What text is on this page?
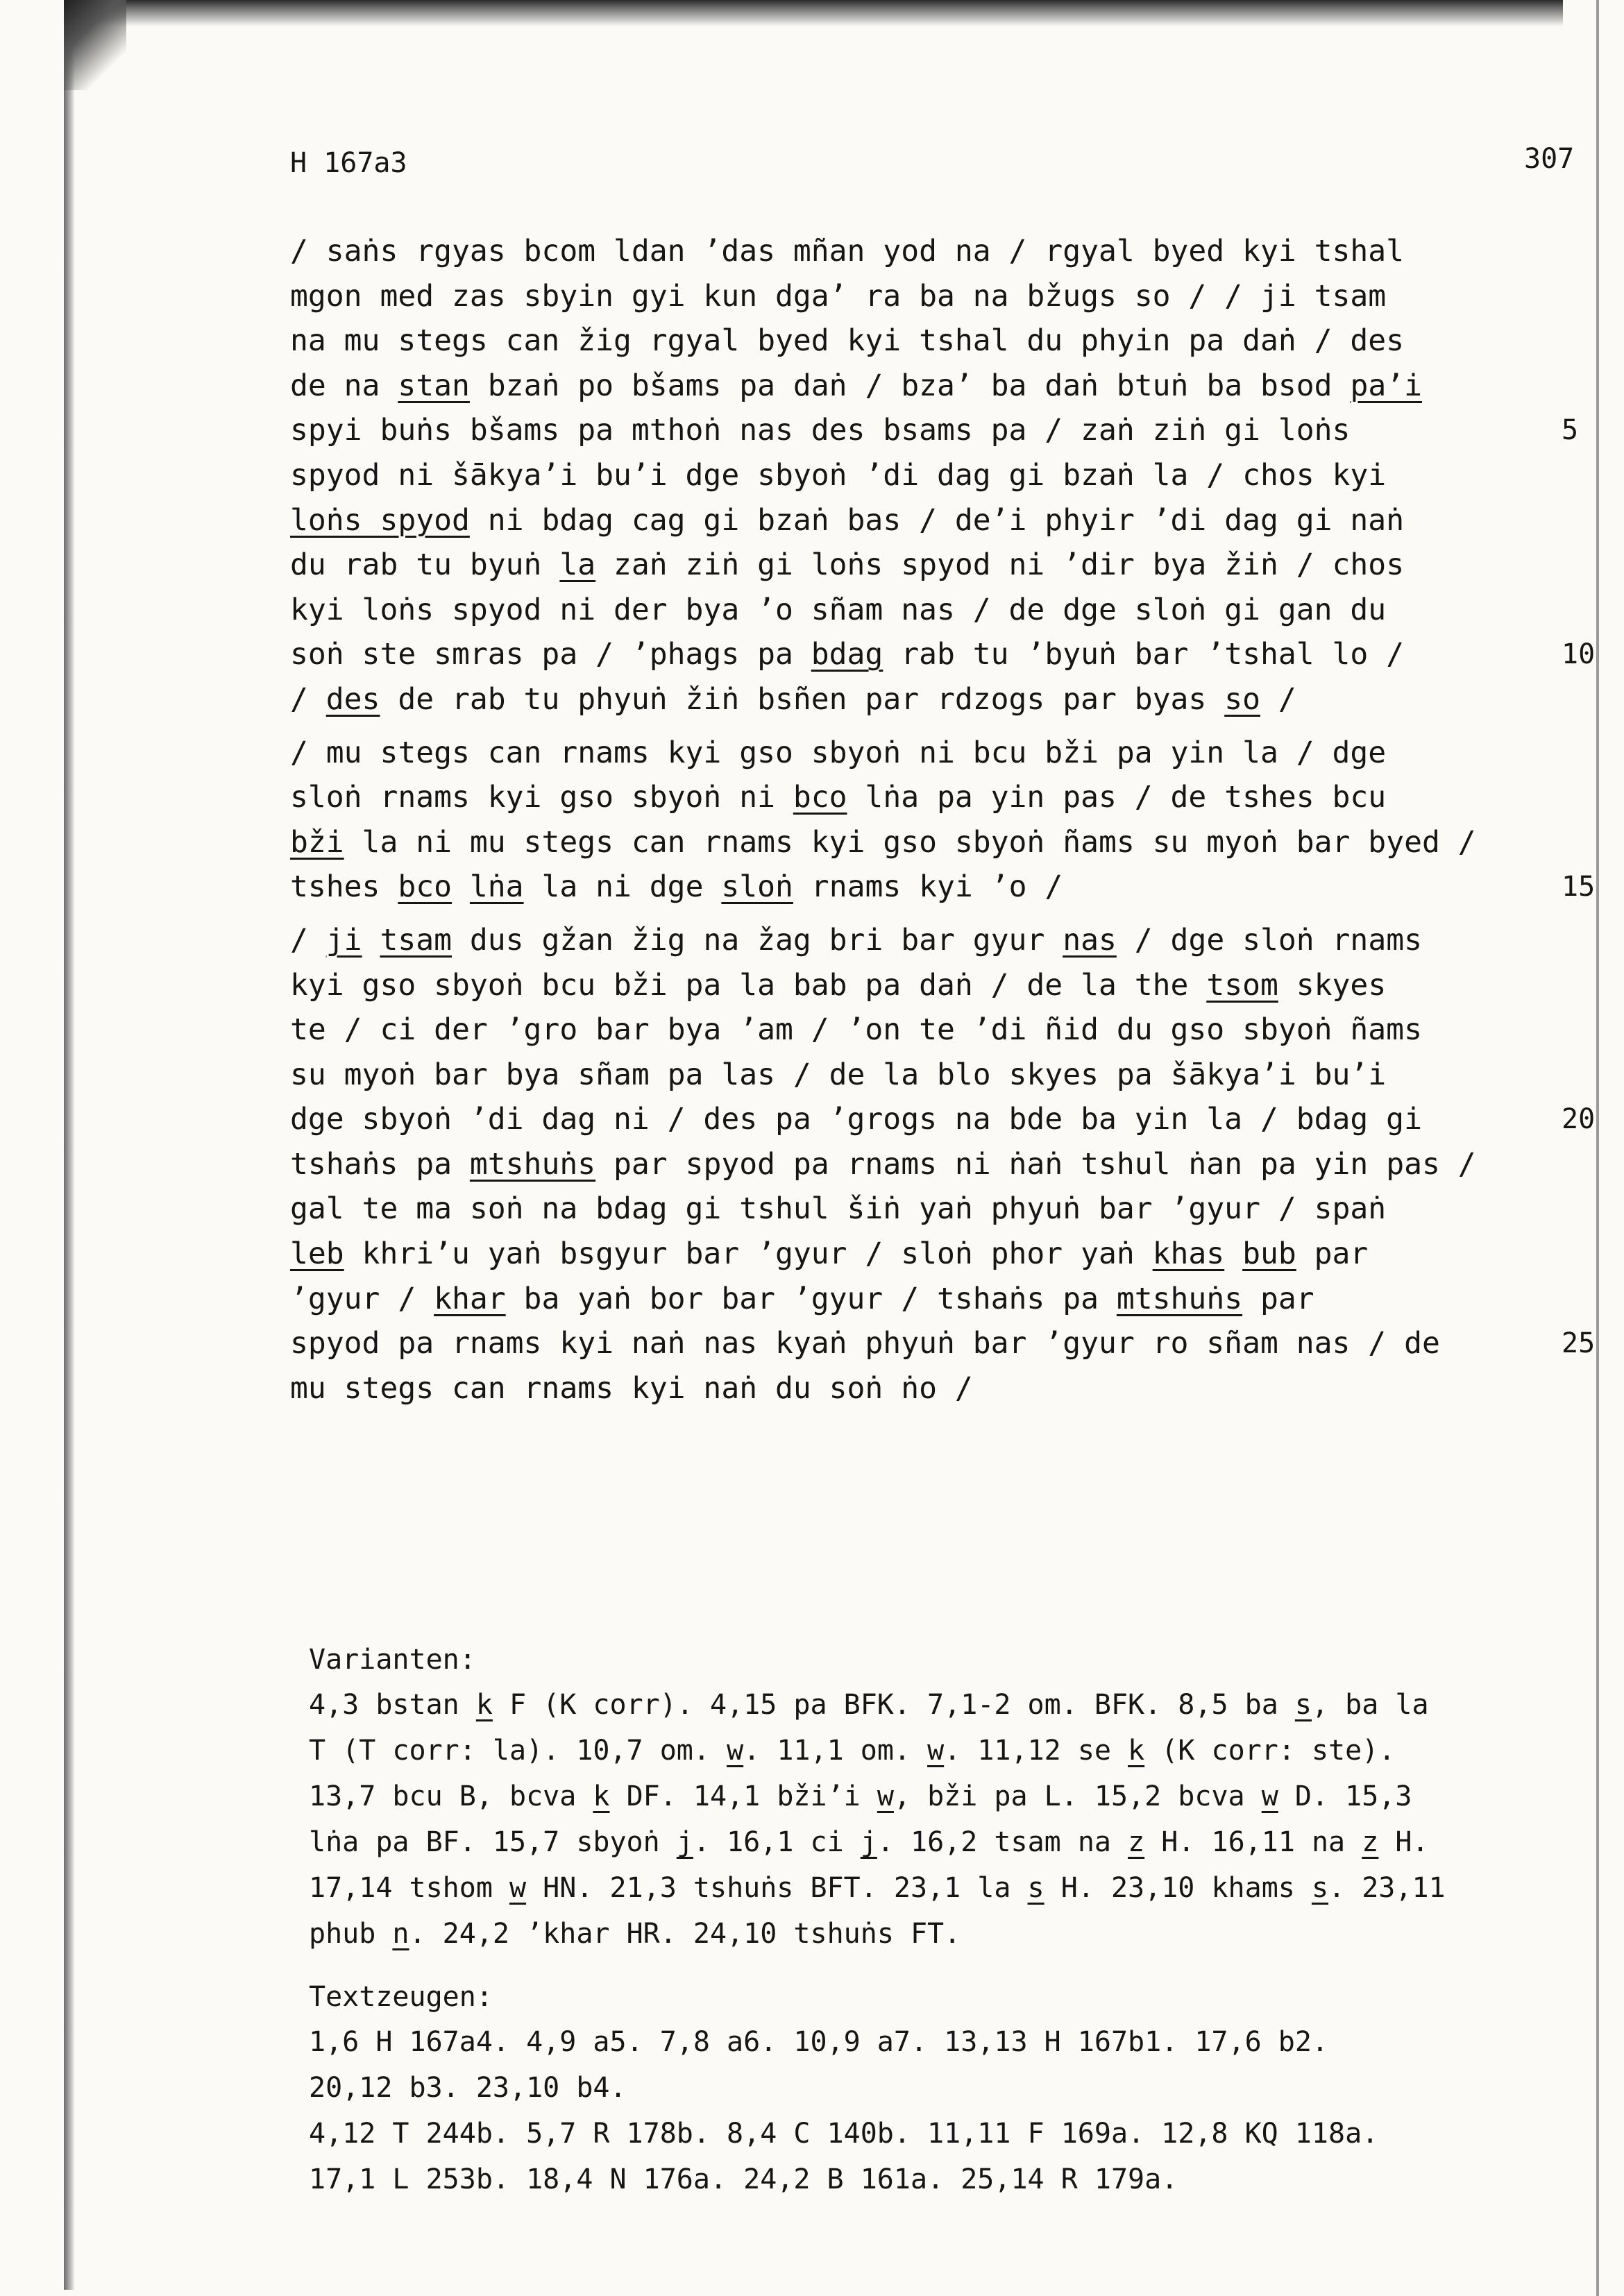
H 167a3	307
/ saṅs rgyas bcom ldan ’das mñan yod na / rgyal byed kyi tshal
mgon med zas sbyin gyi kun dga’ ra ba na bžugs so / / ji tsam
na mu stegs can žig rgyal byed kyi tshal du phyin pa daṅ / des
de na stan bzaṅ po bšams pa daṅ / bza’ ba daṅ btuṅ ba bsod pa’i
spyi buṅs bšams pa mthoṅ nas des bsams pa / zaṅ ziṅ gi loṅs	5
spyod ni šākya’i bu’i dge sbyoṅ ’di dag gi bzaṅ la / chos kyi
loṅs spyod ni bdag cag gi bzaṅ bas / de’i phyir ’di dag gi naṅ
du rab tu byuṅ la zaṅ ziṅ gi loṅs spyod ni ’dir bya žiṅ / chos
kyi loṅs spyod ni der bya ’o sñam nas / de dge sloṅ gi gan du
soṅ ste smras pa / ’phags pa bdag rab tu ’byuṅ bar ’tshal lo /	10
/ des de rab tu phyuṅ žiṅ bsñen par rdzogs par byas so /
/ mu stegs can rnams kyi gso sbyoṅ ni bcu bži pa yin la / dge
sloṅ rnams kyi gso sbyoṅ ni bco lṅa pa yin pas / de tshes bcu
bži la ni mu stegs can rnams kyi gso sbyoṅ ñams su myoṅ bar byed /
tshes bco lṅa la ni dge sloṅ rnams kyi ’o /	15
/ ji tsam dus gžan žig na žag bri bar gyur nas / dge sloṅ rnams
kyi gso sbyoṅ bcu bži pa la bab pa daṅ / de la the tsom skyes
te / ci der ’gro bar bya ’am / ’on te ’di ñid du gso sbyoṅ ñams
su myoṅ bar bya sñam pa las / de la blo skyes pa šākya’i bu’i
dge sbyoṅ ’di dag ni / des pa ’grogs na bde ba yin la / bdag gi	20
tshaṅs pa mtshuṅs par spyod pa rnams ni ṅaṅ tshul ṅan pa yin pas /
gal te ma soṅ na bdag gi tshul šiṅ yaṅ phyuṅ bar ’gyur / spaṅ
leb khri’u yaṅ bsgyur bar ’gyur / sloṅ phor yaṅ khas bub par
’gyur / khar ba yaṅ bor bar ’gyur / tshaṅs pa mtshuṅs par
spyod pa rnams kyi naṅ nas kyaṅ phyuṅ bar ’gyur ro sñam nas / de	25
mu stegs can rnams kyi naṅ du soṅ ṅo /
Varianten:
4,3 bstan k F (K corr). 4,15 pa BFK. 7,1-2 om. BFK. 8,5 ba s, ba la
T (T corr: la). 10,7 om. w. 11,1 om. w. 11,12 se k (K corr: ste).
13,7 bcu B, bcva k DF. 14,1 bži’i w, bži pa L. 15,2 bcva w D. 15,3
lṅa pa BF. 15,7 sbyoṅ j. 16,1 ci j. 16,2 tsam na z H. 16,11 na z H.
17,14 tshom w HN. 21,3 tshuṅs BFT. 23,1 la s H. 23,10 khams s. 23,11
phub n. 24,2 ’khar HR. 24,10 tshuṅs FT.
Textzeugen:
1,6 H 167a4. 4,9 a5. 7,8 a6. 10,9 a7. 13,13 H 167b1. 17,6 b2.
20,12 b3. 23,10 b4.
4,12 T 244b. 5,7 R 178b. 8,4 C 140b. 11,11 F 169a. 12,8 KQ 118a.
17,1 L 253b. 18,4 N 176a. 24,2 B 161a. 25,14 R 179a.
